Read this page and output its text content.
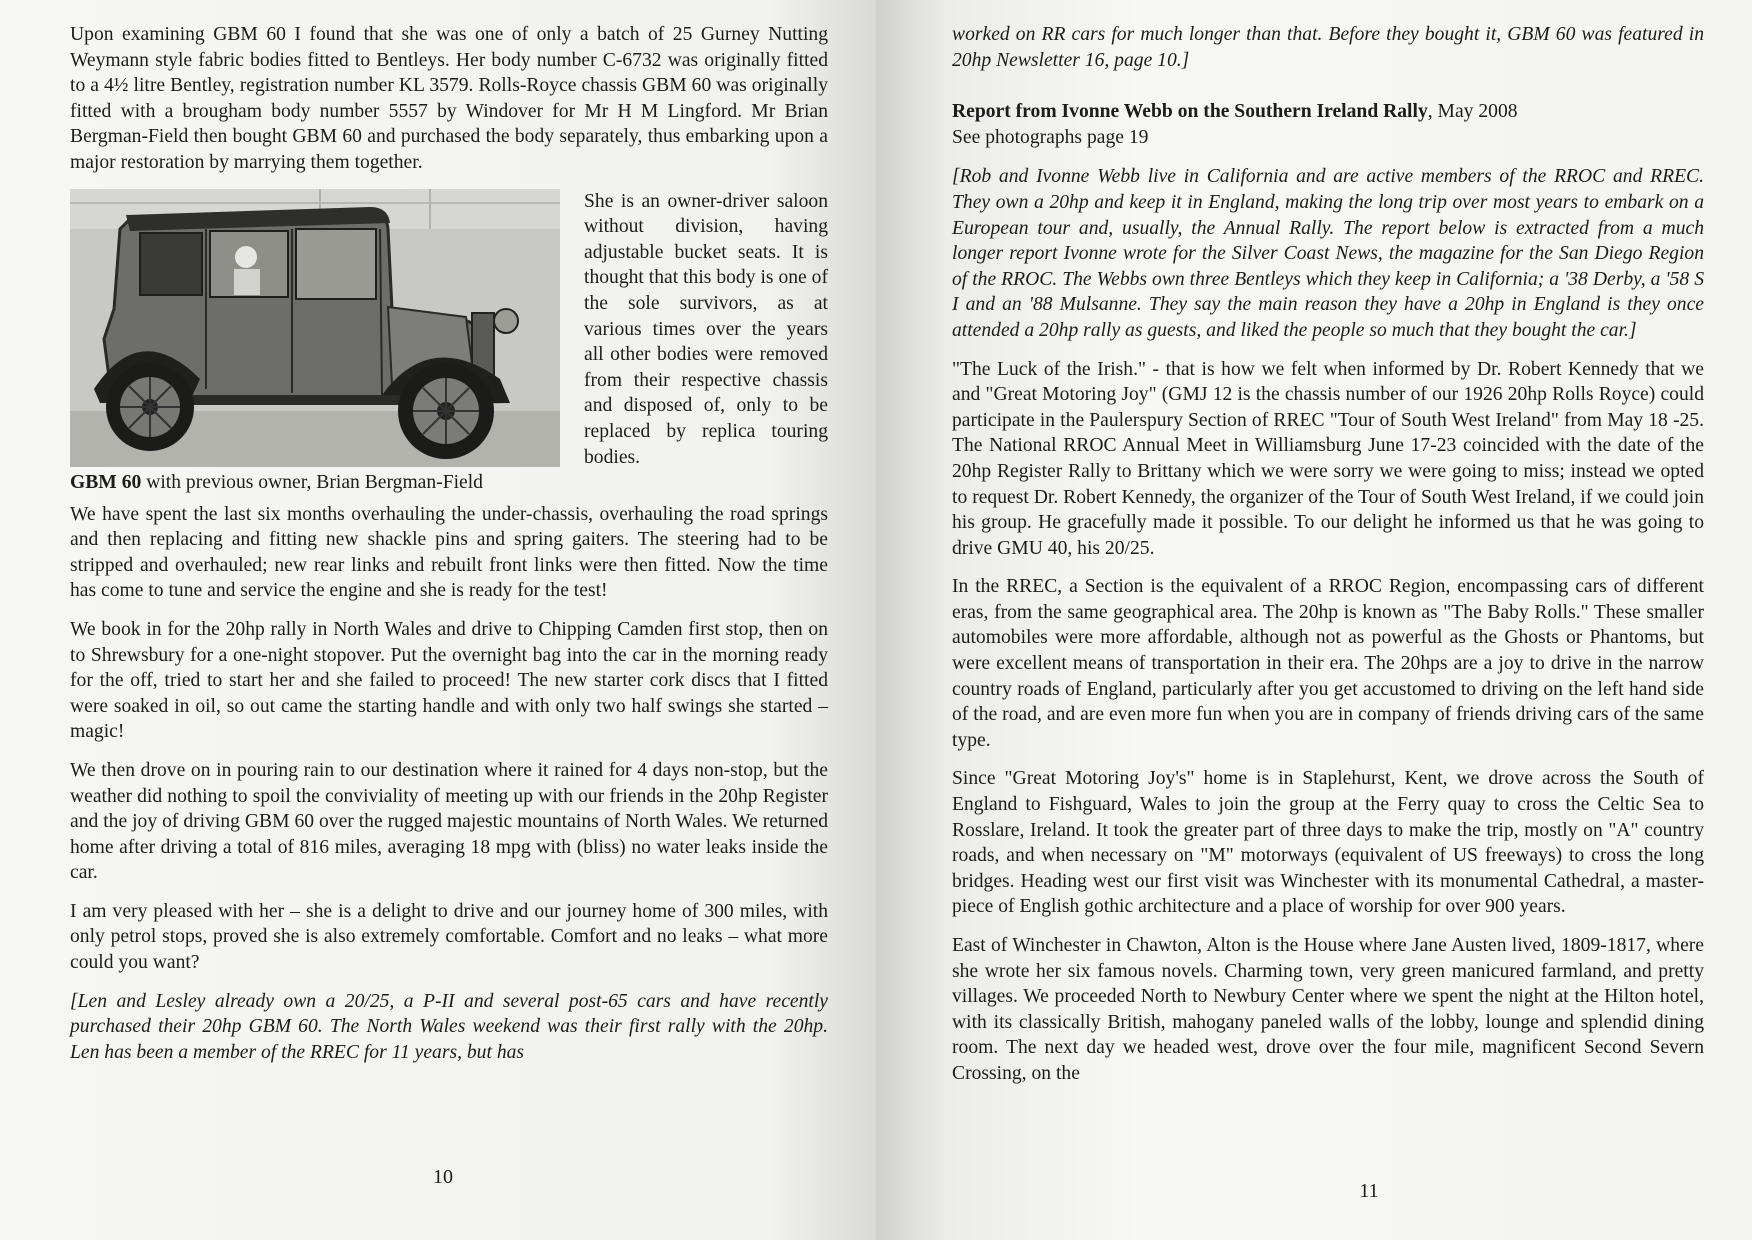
Upon examining GBM 60 I found that she was one of only a batch of 25 Gurney Nutting Weymann style fabric bodies fitted to Bentleys. Her body number C-6732 was originally fitted to a 4½ litre Bentley, registration number KL 3579. Rolls-Royce chassis GBM 60 was originally fitted with a brougham body number 5557 by Windover for Mr H M Lingford. Mr Brian Bergman-Field then bought GBM 60 and purchased the body separately, thus embarking upon a major restoration by marrying them together.

GBM 60 with previous owner, Brian Bergman-Field

She is an owner-driver saloon without division, having adjustable bucket seats. It is thought that this body is one of the sole survivors, as at various times over the years all other bodies were removed from their respective chassis and disposed of, only to be replaced by replica touring bodies.

We have spent the last six months overhauling the under-chassis, overhauling the road springs and then replacing and fitting new shackle pins and spring gaiters. The steering had to be stripped and overhauled; new rear links and rebuilt front links were then fitted. Now the time has come to tune and service the engine and she is ready for the test!

We book in for the 20hp rally in North Wales and drive to Chipping Camden first stop, then on to Shrewsbury for a one-night stopover. Put the overnight bag into the car in the morning ready for the off, tried to start her and she failed to proceed! The new starter cork discs that I fitted were soaked in oil, so out came the starting handle and with only two half swings she started – magic!

We then drove on in pouring rain to our destination where it rained for 4 days non-stop, but the weather did nothing to spoil the conviviality of meeting up with our friends in the 20hp Register and the joy of driving GBM 60 over the rugged majestic mountains of North Wales. We returned home after driving a total of 816 miles, averaging 18 mpg with (bliss) no water leaks inside the car.

I am very pleased with her – she is a delight to drive and our journey home of 300 miles, with only petrol stops, proved she is also extremely comfortable. Comfort and no leaks – what more could you want?

[Len and Lesley already own a 20/25, a P-II and several post-65 cars and have recently purchased their 20hp GBM 60. The North Wales weekend was their first rally with the 20hp. Len has been a member of the RREC for 11 years, but has

10

worked on RR cars for much longer than that. Before they bought it, GBM 60 was featured in 20hp Newsletter 16, page 10.]

Report from Ivonne Webb on the Southern Ireland Rally, May 2008

See photographs page 19

[Rob and Ivonne Webb live in California and are active members of the RROC and RREC. They own a 20hp and keep it in England, making the long trip over most years to embark on a European tour and, usually, the Annual Rally. The report below is extracted from a much longer report Ivonne wrote for the Silver Coast News, the magazine for the San Diego Region of the RROC. The Webbs own three Bentleys which they keep in California; a '38 Derby, a '58 S I and an '88 Mulsanne. They say the main reason they have a 20hp in England is they once attended a 20hp rally as guests, and liked the people so much that they bought the car.]

"The Luck of the Irish." - that is how we felt when informed by Dr. Robert Kennedy that we and "Great Motoring Joy" (GMJ 12 is the chassis number of our 1926 20hp Rolls Royce) could participate in the Paulerspury Section of RREC "Tour of South West Ireland" from May 18 -25. The National RROC Annual Meet in Williamsburg June 17-23 coincided with the date of the 20hp Register Rally to Brittany which we were sorry we were going to miss; instead we opted to request Dr. Robert Kennedy, the organizer of the Tour of South West Ireland, if we could join his group. He gracefully made it possible. To our delight he informed us that he was going to drive GMU 40, his 20/25.

In the RREC, a Section is the equivalent of a RROC Region, encompassing cars of different eras, from the same geographical area. The 20hp is known as "The Baby Rolls." These smaller automobiles were more affordable, although not as powerful as the Ghosts or Phantoms, but were excellent means of transportation in their era. The 20hps are a joy to drive in the narrow country roads of England, particularly after you get accustomed to driving on the left hand side of the road, and are even more fun when you are in company of friends driving cars of the same type.

Since "Great Motoring Joy's" home is in Staplehurst, Kent, we drove across the South of England to Fishguard, Wales to join the group at the Ferry quay to cross the Celtic Sea to Rosslare, Ireland. It took the greater part of three days to make the trip, mostly on "A" country roads, and when necessary on "M" motorways (equivalent of US freeways) to cross the long bridges. Heading west our first visit was Winchester with its monumental Cathedral, a master-piece of English gothic architecture and a place of worship for over 900 years.

East of Winchester in Chawton, Alton is the House where Jane Austen lived, 1809-1817, where she wrote her six famous novels. Charming town, very green manicured farmland, and pretty villages. We proceeded North to Newbury Center where we spent the night at the Hilton hotel, with its classically British, mahogany paneled walls of the lobby, lounge and splendid dining room. The next day we headed west, drove over the four mile, magnificent Second Severn Crossing, on the

11
